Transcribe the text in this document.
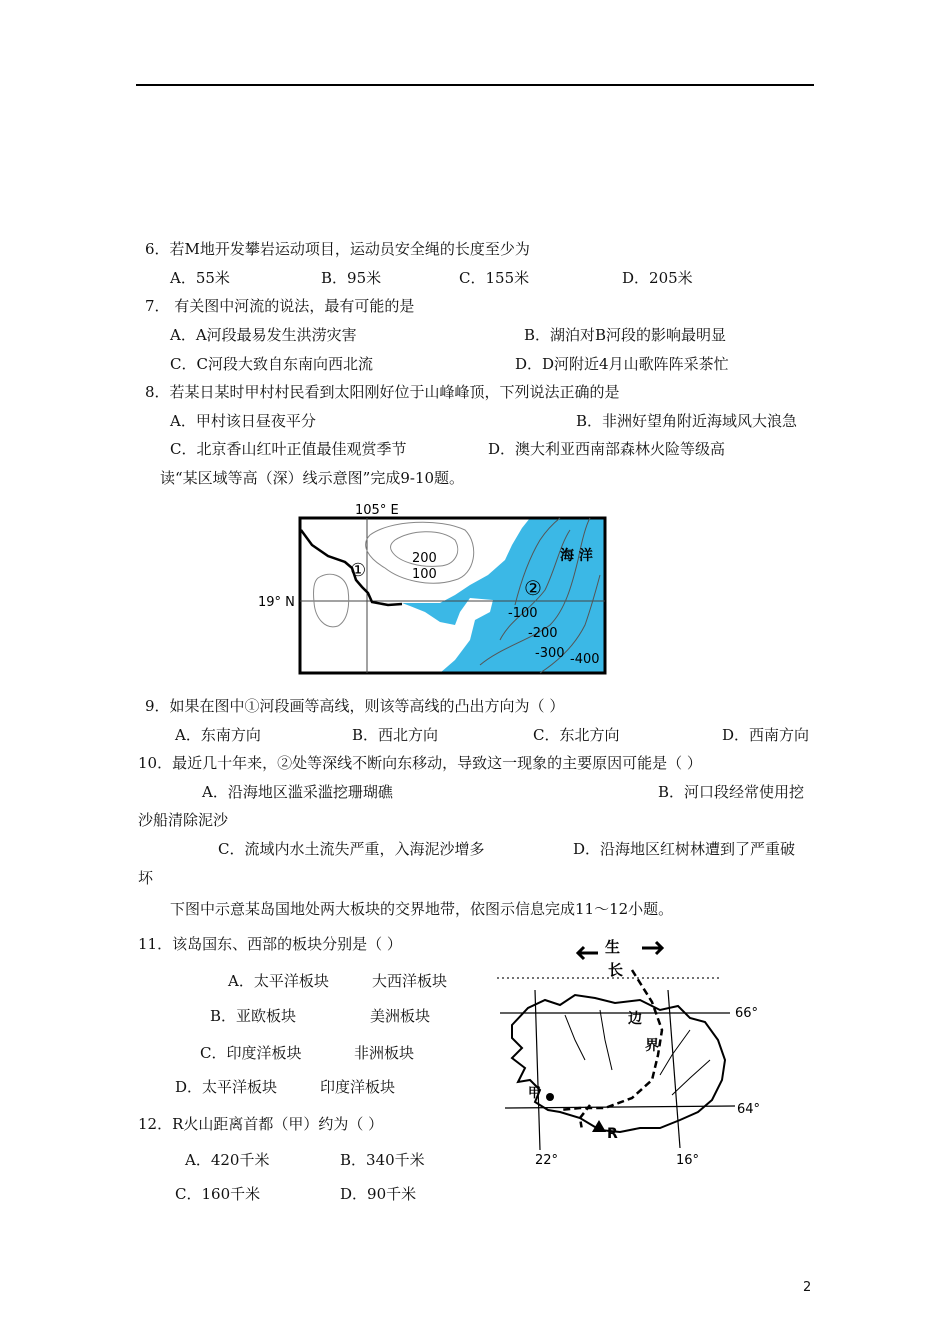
6．若M地开发攀岩运动项目，运动员安全绳的长度至少为
A．55米	B．95米	C．155米	D．205米
7． 有关图中河流的说法，最有可能的是
A．A河段最易发生洪涝灾害	B．湖泊对B河段的影响最明显
C．C河段大致自东南向西北流	D．D河附近4月山歌阵阵采茶忙
8．若某日某时甲村村民看到太阳刚好位于山峰峰顶，下列说法正确的是
A．甲村该日昼夜平分	B．非洲好望角附近海域风大浪急
C．北京香山红叶正值最佳观赏季节	D．澳大利亚西南部森林火险等级高
读“某区域等高（深）线示意图”完成9-10题。
105° E
19° N
①
②
海 洋
200
100
-100
-200
-300 -400
9．如果在图中①河段画等高线，则该等高线的凸出方向为（ ）
A．东南方向	B．西北方向	C．东北方向	D．西南方向
10．最近几十年来，②处等深线不断向东移动，导致这一现象的主要原因可能是（ ）
A．沿海地区滥采滥挖珊瑚礁	B．河口段经常使用挖
沙船清除泥沙
C．流域内水土流失严重，入海泥沙增多	D．沿海地区红树林遭到了严重破
坏
下图中示意某岛国地处两大板块的交界地带，依图示信息完成11～12小题。
11．该岛国东、西部的板块分别是（ ）
A．太平洋板块	大西洋板块
B．亚欧板块	美洲板块
C．印度洋板块	非洲板块
D．太平洋板块	印度洋板块
12．R火山距离首都（甲）约为（ ）
A．420千米	B．340千米
C．160千米	D．90千米
生
长
边
界
甲
R
66°
64°
22°	16°
2
